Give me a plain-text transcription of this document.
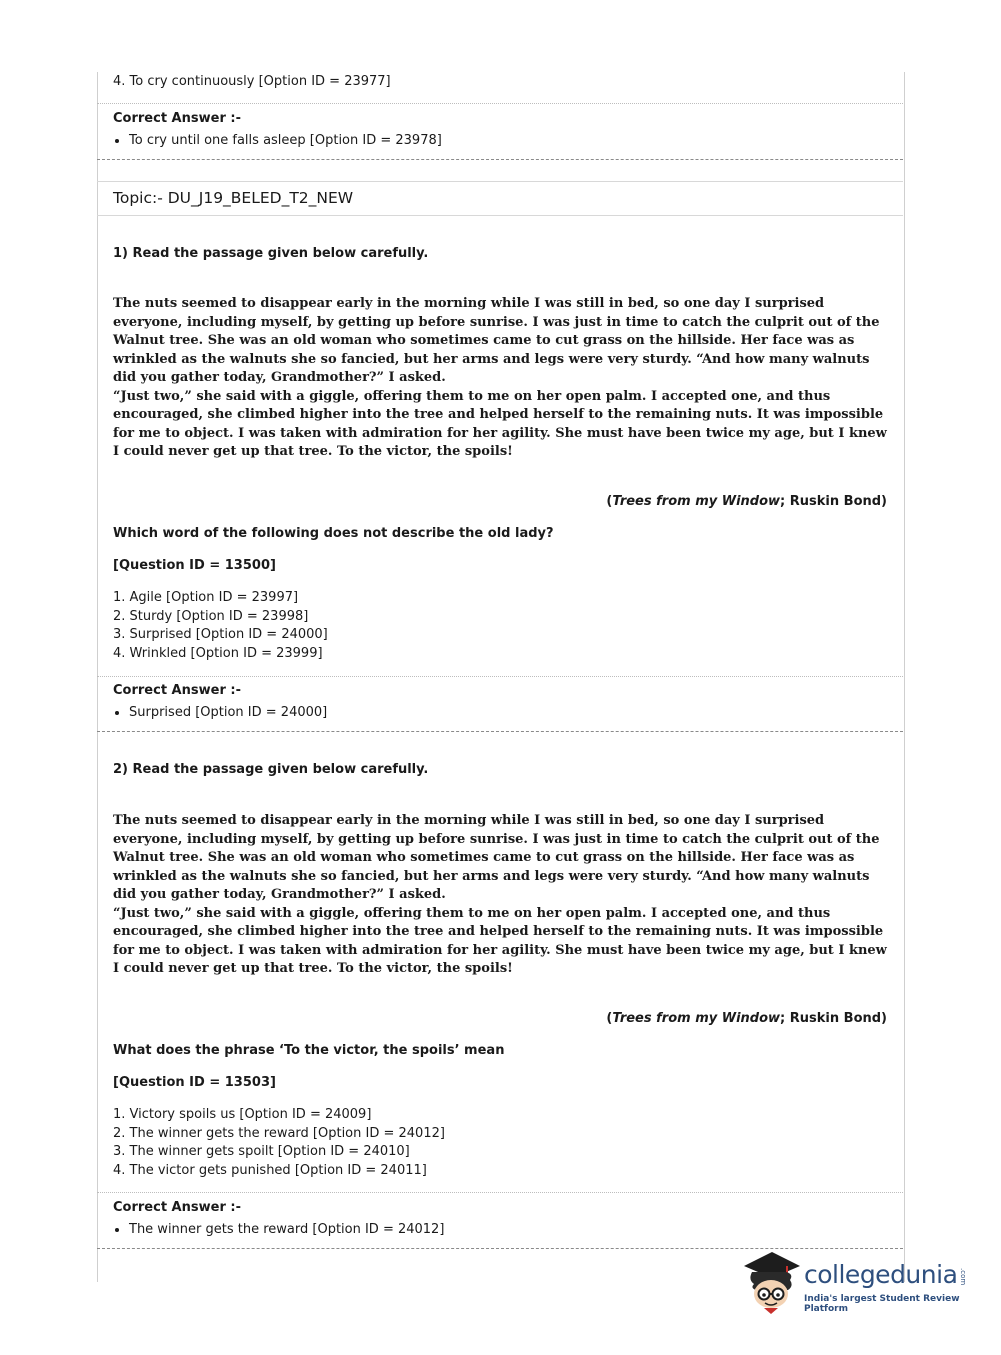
4. To cry continuously [Option ID = 23977]
Correct Answer :-
To cry until one falls asleep [Option ID = 23978]
Topic:- DU_J19_BELED_T2_NEW
1) Read the passage given below carefully.

The nuts seemed to disappear early in the morning while I was still in bed, so one day I surprised everyone, including myself, by getting up before sunrise. I was just in time to catch the culprit out of the Walnut tree. She was an old woman who sometimes came to cut grass on the hillside. Her face was as wrinkled as the walnuts she so fancied, but her arms and legs were very sturdy. “And how many walnuts did you gather today, Grandmother?” I asked.

“Just two,” she said with a giggle, offering them to me on her open palm. I accepted one, and thus encouraged, she climbed higher into the tree and helped herself to the remaining nuts. It was impossible for me to object. I was taken with admiration for her agility. She must have been twice my age, but I knew I could never get up that tree. To the victor, the spoils!

(Trees from my Window; Ruskin Bond)
Which word of the following does not describe the old lady?
[Question ID = 13500]
1. Agile [Option ID = 23997]
2. Sturdy [Option ID = 23998]
3. Surprised [Option ID = 24000]
4. Wrinkled [Option ID = 23999]
Correct Answer :-
Surprised [Option ID = 24000]
2) Read the passage given below carefully.

The nuts seemed to disappear early in the morning while I was still in bed, so one day I surprised everyone, including myself, by getting up before sunrise. I was just in time to catch the culprit out of the Walnut tree. She was an old woman who sometimes came to cut grass on the hillside. Her face was as wrinkled as the walnuts she so fancied, but her arms and legs were very sturdy. “And how many walnuts did you gather today, Grandmother?” I asked.

“Just two,” she said with a giggle, offering them to me on her open palm. I accepted one, and thus encouraged, she climbed higher into the tree and helped herself to the remaining nuts. It was impossible for me to object. I was taken with admiration for her agility. She must have been twice my age, but I knew I could never get up that tree. To the victor, the spoils!

(Trees from my Window; Ruskin Bond)
What does the phrase ‘To the victor, the spoils’ mean
[Question ID = 13503]
1. Victory spoils us [Option ID = 24009]
2. The winner gets the reward [Option ID = 24012]
3. The winner gets spoilt [Option ID = 24010]
4. The victor gets punished [Option ID = 24011]
Correct Answer :-
The winner gets the reward [Option ID = 24012]
collegedunia .com
India's largest Student Review Platform
